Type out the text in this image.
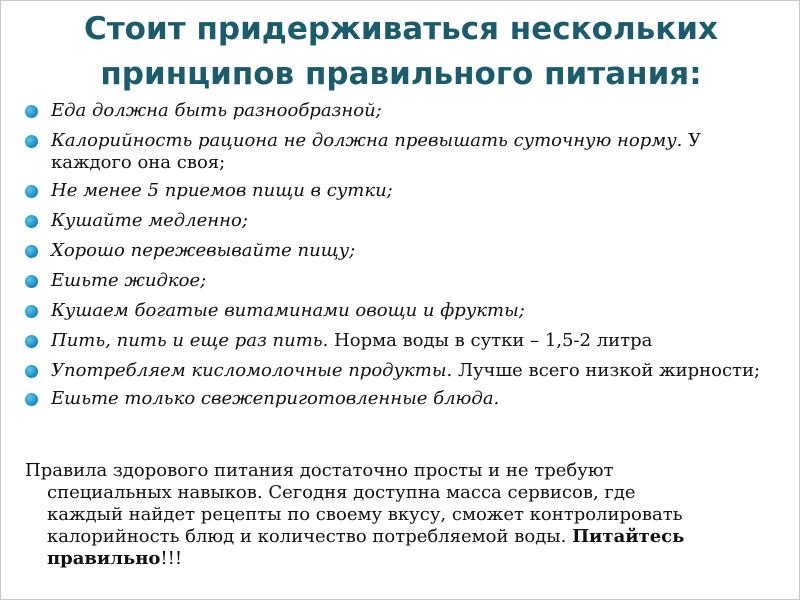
Стоит придерживаться нескольких
принципов правильного питания:
Еда должна быть разнообразной;
Калорийность рациона не должна превышать суточную норму. У каждого она своя;
Не менее 5 приемов пищи в сутки;
Кушайте медленно;
Хорошо пережевывайте пищу;
Ешьте жидкое;
Кушаем богатые витаминами овощи и фрукты;
Пить, пить и еще раз пить. Норма воды в сутки – 1,5-2 литра
Употребляем кисломолочные продукты. Лучше всего низкой жирности;
Ешьте только свежеприготовленные блюда.
Правила здорового питания достаточно просты и не требуют
специальных навыков. Сегодня доступна масса сервисов, где
каждый найдет рецепты по своему вкусу, сможет контролировать
калорийность блюд и количество потребляемой воды. Питайтесь
правильно!!!
